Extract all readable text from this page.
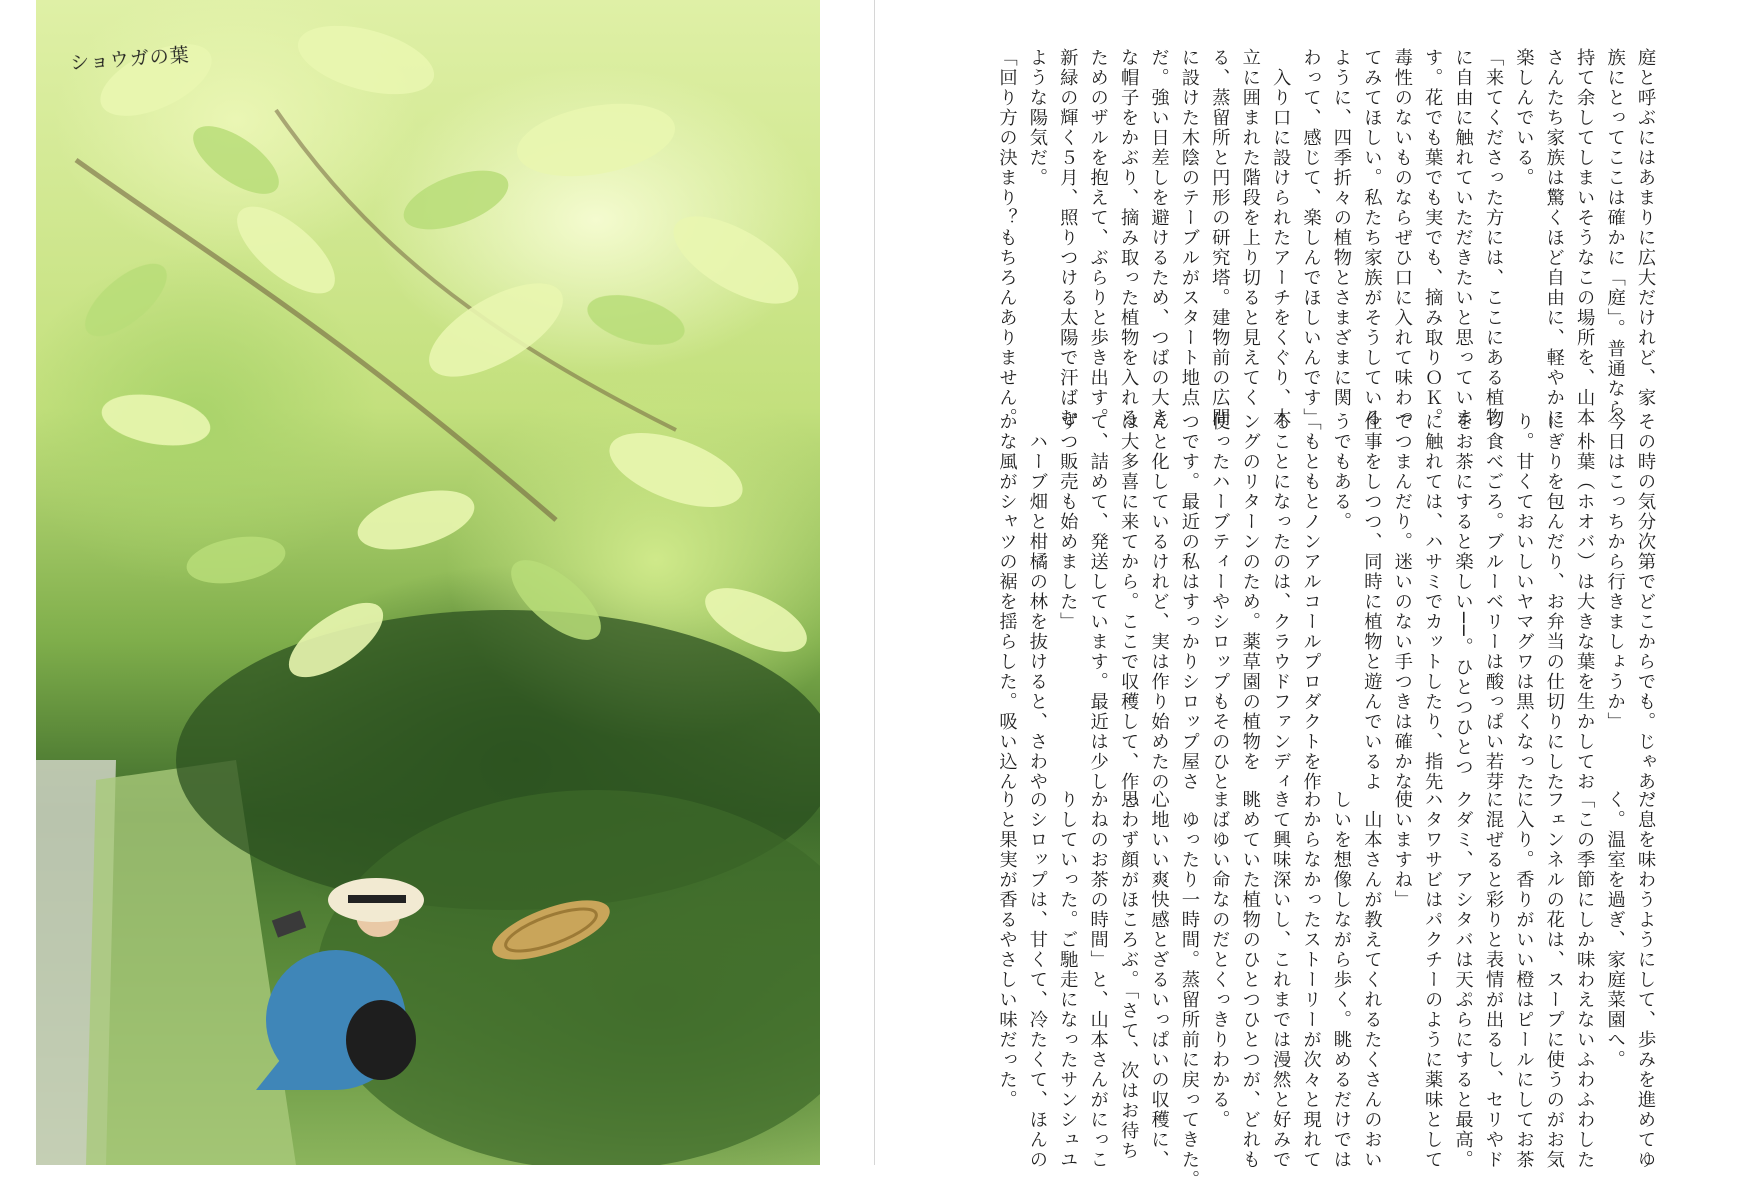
ショウガの葉	庭と呼ぶにはあまりに広大だけれど、家

族にとってここは確かに「庭」。普通なら

持て余してしまいそうなこの場所を、山本

さんたち家族は驚くほど自由に、軽やかに

楽しんでいる。

「来てくださった方には、ここにある植物

に自由に触れていただきたいと思っていま

す。花でも葉でも実でも、摘み取りＯＫ。

毒性のないものならぜひ口に入れて味わっ

てみてほしい。私たち家族がそうしている

ように、四季折々の植物とさまざまに関

わって、感じて、楽しんでほしいんです」

　入り口に設けられたアーチをくぐり、木

立に囲まれた階段を上り切ると見えてく

る、蒸留所と円形の研究塔。建物前の広間

に設けた木陰のテーブルがスタート地点

だ。強い日差しを避けるため、つばの大き

な帽子をかぶり、摘み取った植物を入れる

ためのザルを抱えて、ぶらりと歩き出す。

新緑の輝く５月、照りつける太陽で汗ばむ

ような陽気だ。

「回り方の決まり？もちろんありません。

その時の気分次第でどこからでも。じゃあ、

今日はこっちから行きましょうか」

　朴葉（ホオバ）は大きな葉を生かしてお

にぎりを包んだり、お弁当の仕切りにした

り。甘くておいしいヤマグワは黒くなった

ら食べごろ。ブルーベリーは酸っぱい若芽

をお茶にすると楽しい──。ひとつひとつ

に触れては、ハサミでカットしたり、指先

でつまんだり。迷いのない手つきは確かな

仕事をしつつ、同時に植物と遊んでいるよ

うでもある。

「もともとノンアルコールプロダクトを作

ることになったのは、クラウドファンディ

ングのリターンのため。薬草園の植物を

使ったハーブティーやシロップもそのひと

つです。最近の私はすっかりシロップ屋さ

んと化しているけれど、実は作り始めたの

は大多喜に来てから。ここで収穫して、作っ

て、詰めて、発送しています。最近は少し

ずつ販売も始めました」

　ハーブ畑と柑橘の林を抜けると、さわや

かな風がシャツの裾を揺らした。吸い込ん

だ息を味わうようにして、歩みを進めてゆ

く。温室を過ぎ、家庭菜園へ。

「この季節にしか味わえないふわふわした

フェンネルの花は、スープに使うのがお気

に入り。香りがいい橙はピールにしてお茶

に混ぜると彩りと表情が出るし、セリやド

クダミ、アシタバは天ぷらにすると最高。

ハタワサビはパクチーのように薬味として

使いますね」

　山本さんが教えてくれるたくさんのおい

しいを想像しながら歩く。眺めるだけでは

わからなかったストーリーが次々と現れて

きて興味深いし、これまでは漫然と好みで

眺めていた植物のひとつひとつが、どれも

まばゆい命なのだとくっきりわかる。

　ゆったり一時間。蒸留所前に戻ってきた。

心地いい爽快感とざるいっぱいの収穫に、

思わず顔がほころぶ。「さて、次はお待ち

かねのお茶の時間」と、山本さんがにっこ

りしていった。ご馳走になったサンシュユ

のシロップは、甘くて、冷たくて、ほんの

りと果実が香るやさしい味だった。
